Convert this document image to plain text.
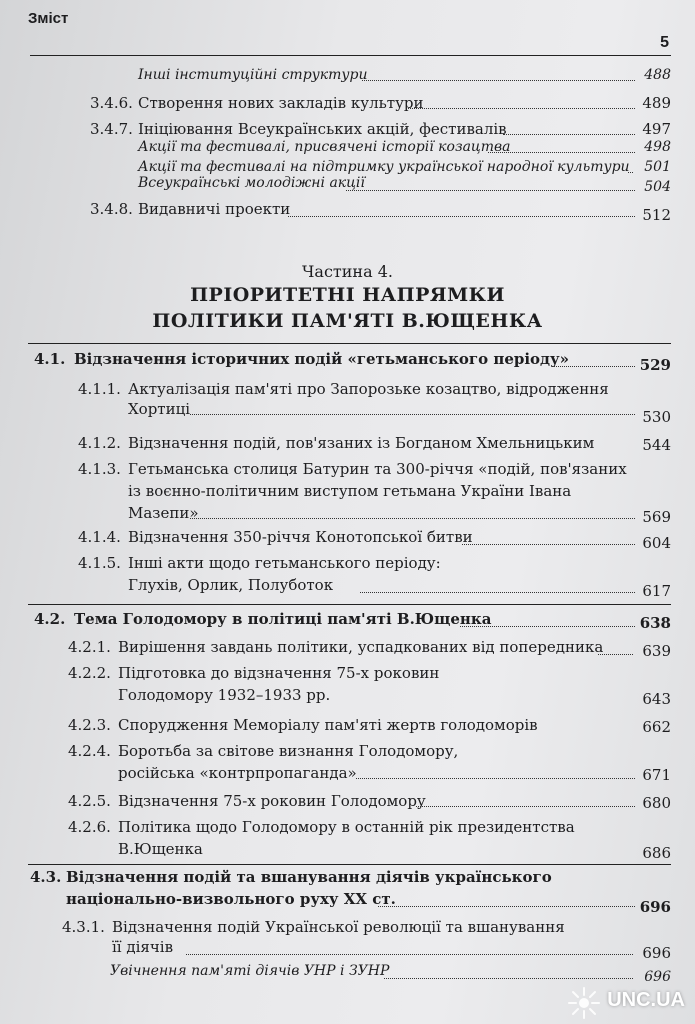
Зміст
5
Інші інституційні структури	488
3.4.6. Створення нових закладів культури	489
3.4.7. Ініціювання Всеукраїнських акцій, фестивалів	497
Акції та фестивалі, присвячені історії козацтва	498
Акції та фестивалі на підтримку української народної культури 501
Всеукраїнські молодіжні акції	504
3.4.8. Видавничі проекти	512
Частина 4.
ПРІОРИТЕТНІ НАПРЯМКИ
ПОЛІТИКИ ПАМ'ЯТІ В.ЮЩЕНКА
4.1. Відзначення історичних подій «гетьманського періоду»	529
4.1.1. Актуалізація пам'яті про Запорозьке козацтво, відродження
Хортиці	530
4.1.2. Відзначення подій, пов'язаних із Богданом Хмельницьким	544
4.1.3. Гетьманська столиця Батурин та 300-річчя «подій, пов'язаних
із воєнно-політичним виступом гетьмана України Івана
Мазепи»	569
4.1.4. Відзначення 350-річчя Конотопської битви	604
4.1.5. Інші акти щодо гетьманського періоду:
Глухів, Орлик, Полуботок	617
4.2. Тема Голодомору в політиці пам'яті В.Ющенка	638
4.2.1. Вирішення завдань політики, успадкованих від попередника	639
4.2.2. Підготовка до відзначення 75-х роковин
Голодомору 1932–1933 рр.	643
4.2.3. Спорудження Меморіалу пам'яті жертв голодоморів	662
4.2.4. Боротьба за світове визнання Голодомору,
російська «контрпропаганда»	671
4.2.5. Відзначення 75-х роковин Голодомору	680
4.2.6. Політика щодо Голодомору в останній рік президентства
В.Ющенка	686
4.3. Відзначення подій та вшанування діячів українського
національно-визвольного руху ХХ ст.	696
4.3.1. Відзначення подій Української революції та вшанування
її діячів	696
Увічнення пам'яті діячів УНР і ЗУНР	696
UNC.UA
